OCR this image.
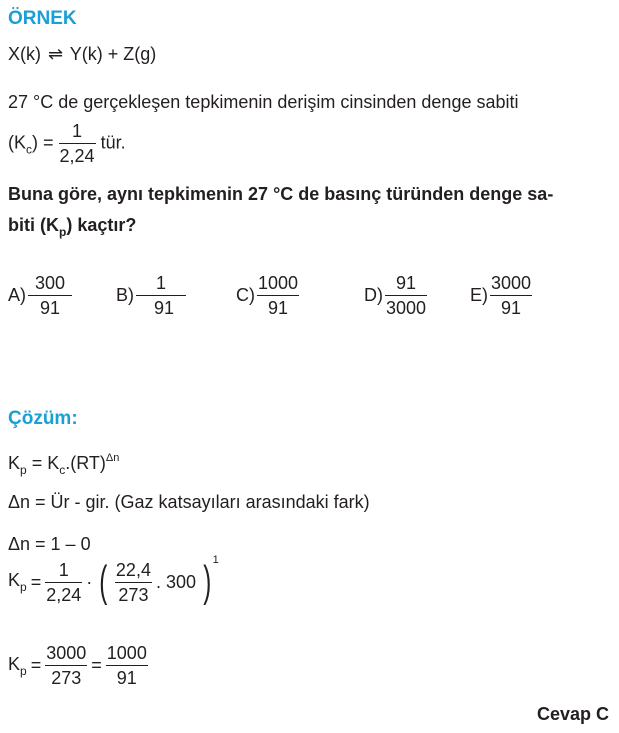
ÖRNEK
X(k) ⇌ Y(k) + Z(g)
27 °C de gerçekleşen tepkimenin derişim cinsinden denge sabiti
$(K_c) = \frac{1}{2,24}$ tür.
Buna göre, aynı tepkimenin 27 °C de basınç türünden denge sa-
biti $(K_p)$ kaçtır?
$A) \frac{300}{91} B) \frac{1}{91}$	$C) \frac{1000}{91}$	$D) \frac{91}{3000} E) \frac{3000}{91}$
Çözüm:
$K_p = K_c.(RT)^{\Delta n}$
Δn = Ür - gir. (Gaz katsayıları arasındaki fark)
Δn = 1 – 0
$K_p = \frac{1}{2,24}$ · ( $\frac{22,4}{273}$ . 300 )$^1$
$K_p = \frac{3000}{273} = \frac{1000}{91}$
Cevap C
